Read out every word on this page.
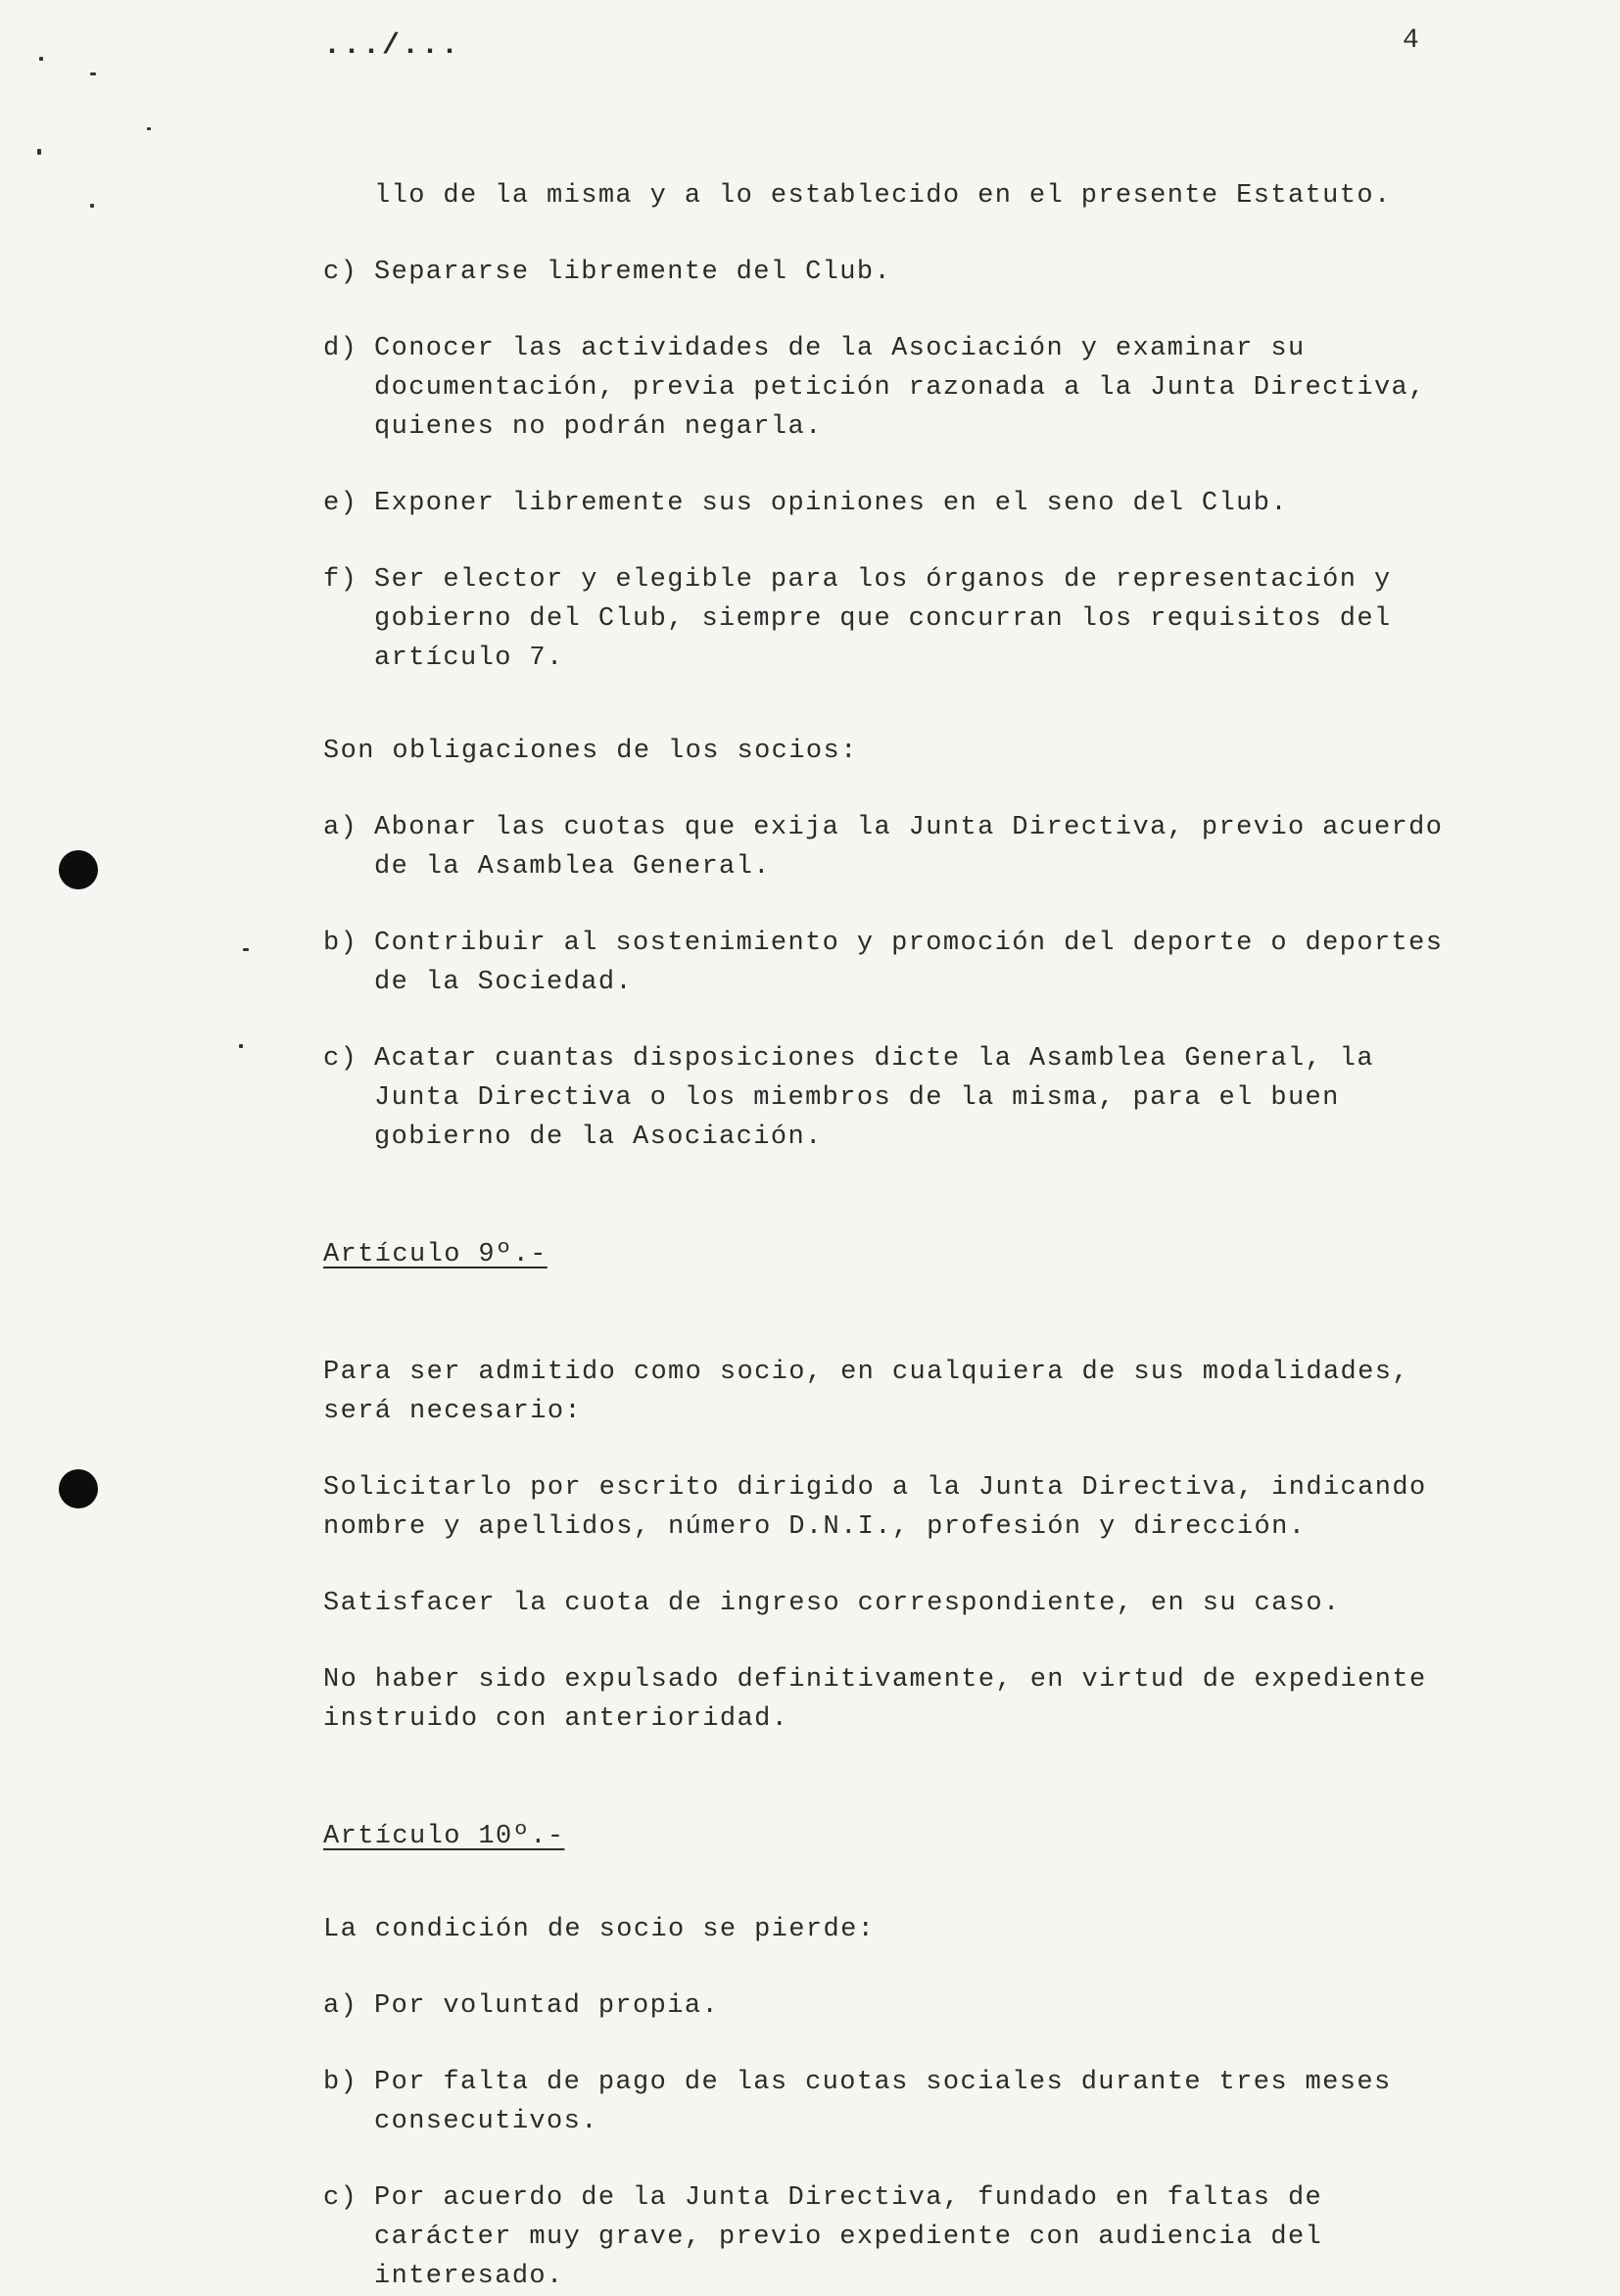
.../...	4

llo de la misma y a lo establecido en el presente Estatuto.

c) Separarse libremente del Club.
d) Conocer las actividades de la Asociación y examinar su documentación, previa petición razonada a la Junta Directiva, quienes no podrán negarla.
e) Exponer libremente sus opiniones en el seno del Club.
f) Ser elector y elegible para los órganos de representación y gobierno del Club, siempre que concurran los requisitos del artículo 7.

Son obligaciones de los socios:

a) Abonar las cuotas que exija la Junta Directiva, previo acuerdo de la Asamblea General.
b) Contribuir al sostenimiento y promoción del deporte o deportes de la Sociedad.
c) Acatar cuantas disposiciones dicte la Asamblea General, la Junta Directiva o los miembros de la misma, para el buen gobierno de la Asociación.
Artículo 9º.-

Para ser admitido como socio, en cualquiera de sus modalidades, será necesario:

Solicitarlo por escrito dirigido a la Junta Directiva, indicando nombre y apellidos, número D.N.I., profesión y dirección.

Satisfacer la cuota de ingreso correspondiente, en su caso.

No haber sido expulsado definitivamente, en virtud de expediente instruido con anterioridad.

Artículo 10º.-

La condición de socio se pierde:

a) Por voluntad propia.
b) Por falta de pago de las cuotas sociales durante tres meses consecutivos.
c) Por acuerdo de la Junta Directiva, fundado en faltas de carácter muy grave, previo expediente con audiencia del interesado.
